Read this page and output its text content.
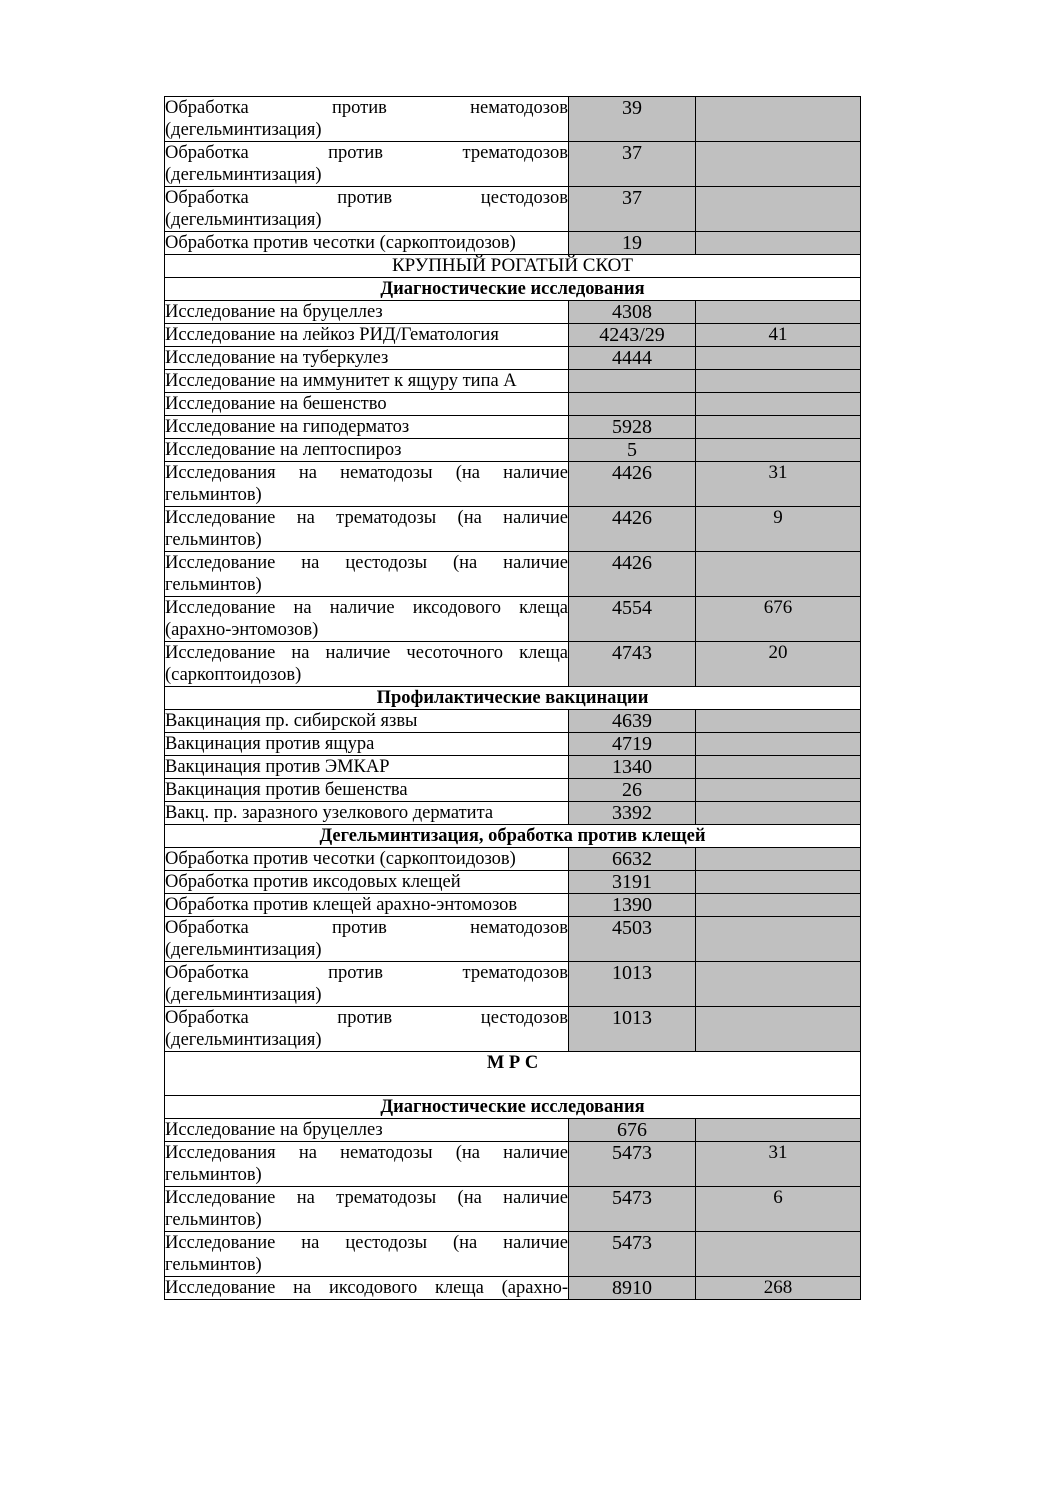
Обработка против нематодозов
(дегельминтизация)	39	

Обработка против трематодозов
(дегельминтизация)	37	

Обработка против цестодозов
(дегельминтизация)	37	

Обработка против чесотки (саркоптоидозов)	19	
КРУПНЫЙ РОГАТЫЙ СКОТ		
Диагностические исследования		

Исследование на бруцеллез	4308	

Исследование на лейкоз РИД/Гематология	4243/29	41

Исследование на туберкулез	4444	

Исследование на иммунитет к ящуру типа А		

Исследование на бешенство		

Исследование на гиподерматоз	5928	

Исследование на лептоспироз	5	

Исследования на нематодозы (на наличие
гельминтов)	4426	31

Исследование на трематодозы (на наличие
гельминтов)	4426	9

Исследование на цестодозы (на наличие
гельминтов)	4426	

Исследование на наличие иксодового клеща
(арахно-энтомозов)	4554	676

Исследование на наличие чесоточного клеща
(саркоптоидозов)	4743	20
Профилактические вакцинации		

Вакцинация пр. сибирской язвы	4639	

Вакцинация против ящура	4719	

Вакцинация против ЭМКАР	1340	

Вакцинация против бешенства	26	

Вакц. пр. заразного узелкового дерматита	3392	
Дегельминтизация, обработка против клещей		

Обработка против чесотки (саркоптоидозов)	6632	

Обработка против иксодовых клещей	3191	

Обработка против клещей арахно-энтомозов	1390	

Обработка против нематодозов
(дегельминтизация)	4503	

Обработка против трематодозов
(дегельминтизация)	1013	

Обработка против цестодозов
(дегельминтизация)	1013	
М Р С		
Диагностические исследования		

Исследование на бруцеллез	676	

Исследования на нематодозы (на наличие
гельминтов)	5473	31

Исследование на трематодозы (на наличие
гельминтов)	5473	6

Исследование на цестодозы (на наличие
гельминтов)	5473	

Исследование на иксодового клеща (арахно-	8910	268
